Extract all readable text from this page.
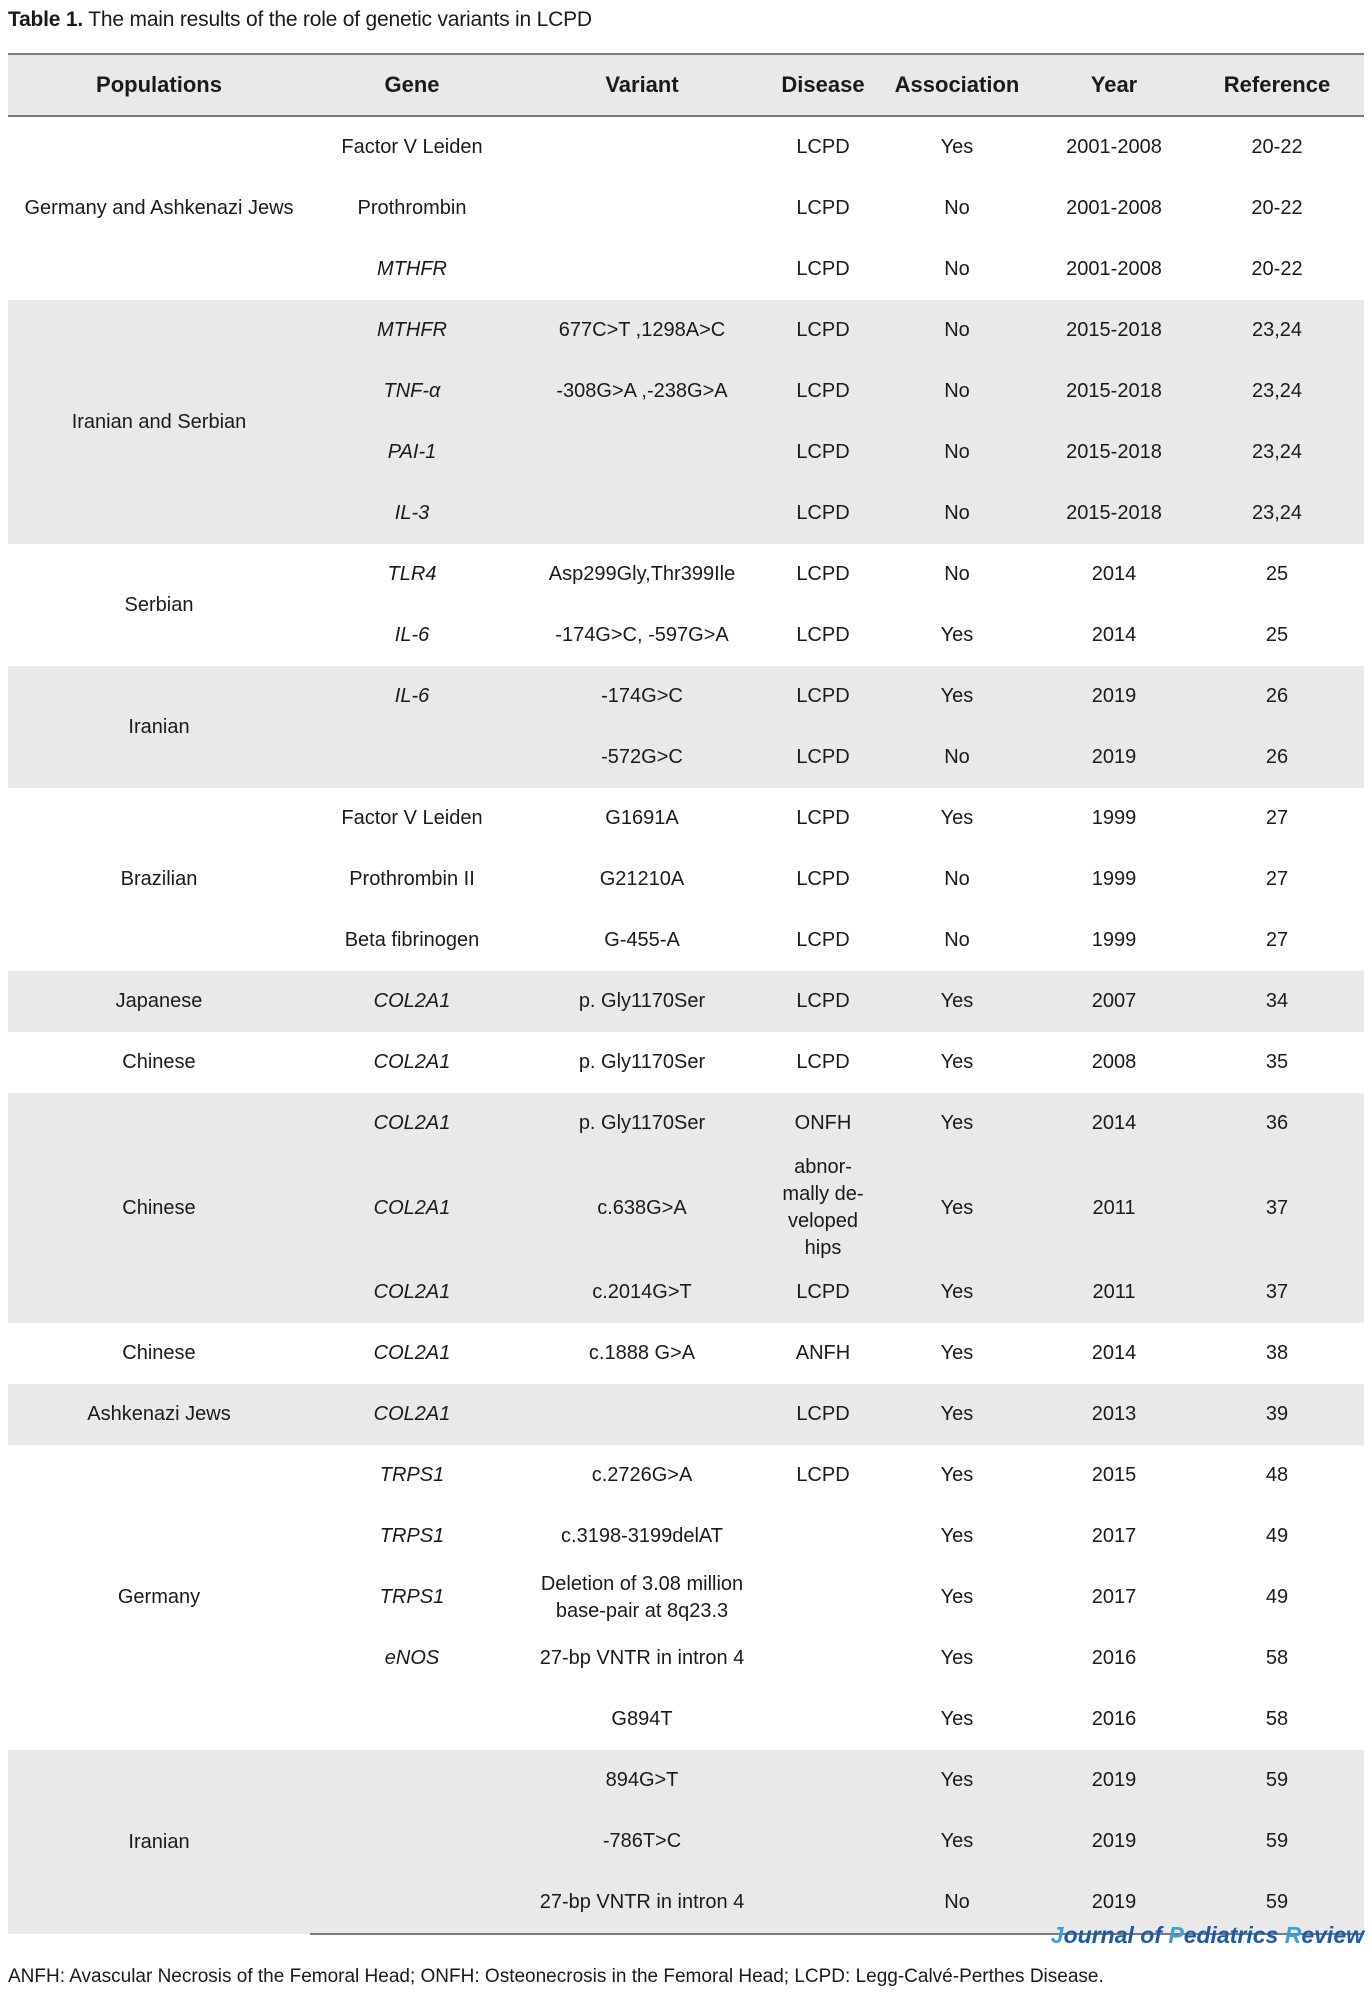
Table 1. The main results of the role of genetic variants in LCPD
Populations	Gene	Variant	Disease	Association	Year	Reference
Germany and Ashkenazi Jews	Factor V Leiden		LCPD	Yes	2001-2008	20-22
	Prothrombin		LCPD	No	2001-2008	20-22
	MTHFR		LCPD	No	2001-2008	20-22
Iranian and Serbian	MTHFR	677C>T ,1298A>C	LCPD	No	2015-2018	23,24
	TNF-α	-308G>A ,-238G>A	LCPD	No	2015-2018	23,24
	PAI-1		LCPD	No	2015-2018	23,24
	IL-3		LCPD	No	2015-2018	23,24
Serbian	TLR4	Asp299Gly,Thr399Ile	LCPD	No	2014	25
	IL-6	-174G>C, -597G>A	LCPD	Yes	2014	25
Iranian	IL-6	-174G>C	LCPD	Yes	2019	26
		-572G>C	LCPD	No	2019	26
Brazilian	Factor V Leiden	G1691A	LCPD	Yes	1999	27
	Prothrombin II	G21210A	LCPD	No	1999	27
	Beta fibrinogen	G-455-A	LCPD	No	1999	27
Japanese	COL2A1	p. Gly1170Ser	LCPD	Yes	2007	34
Chinese	COL2A1	p. Gly1170Ser	LCPD	Yes	2008	35
Chinese	COL2A1	p. Gly1170Ser	ONFH	Yes	2014	36
	COL2A1	c.638G>A	abnor-
mally de-
veloped
hips	Yes	2011	37
	COL2A1	c.2014G>T	LCPD	Yes	2011	37
Chinese	COL2A1	c.1888 G>A	ANFH	Yes	2014	38
Ashkenazi Jews	COL2A1		LCPD	Yes	2013	39
Germany	TRPS1	c.2726G>A	LCPD	Yes	2015	48
	TRPS1	c.3198-3199delAT		Yes	2017	49
	TRPS1	Deletion of 3.08 million
base-pair at 8q23.3		Yes	2017	49
	eNOS	27-bp VNTR in intron 4		Yes	2016	58
		G894T		Yes	2016	58
Iranian		894G>T		Yes	2019	59
		-786T>C		Yes	2019	59
		27-bp VNTR in intron 4		No	2019	59
Journal of Pediatrics Review
ANFH: Avascular Necrosis of the Femoral Head; ONFH: Osteonecrosis in the Femoral Head; LCPD: Legg-Calvé-Perthes Disease.
